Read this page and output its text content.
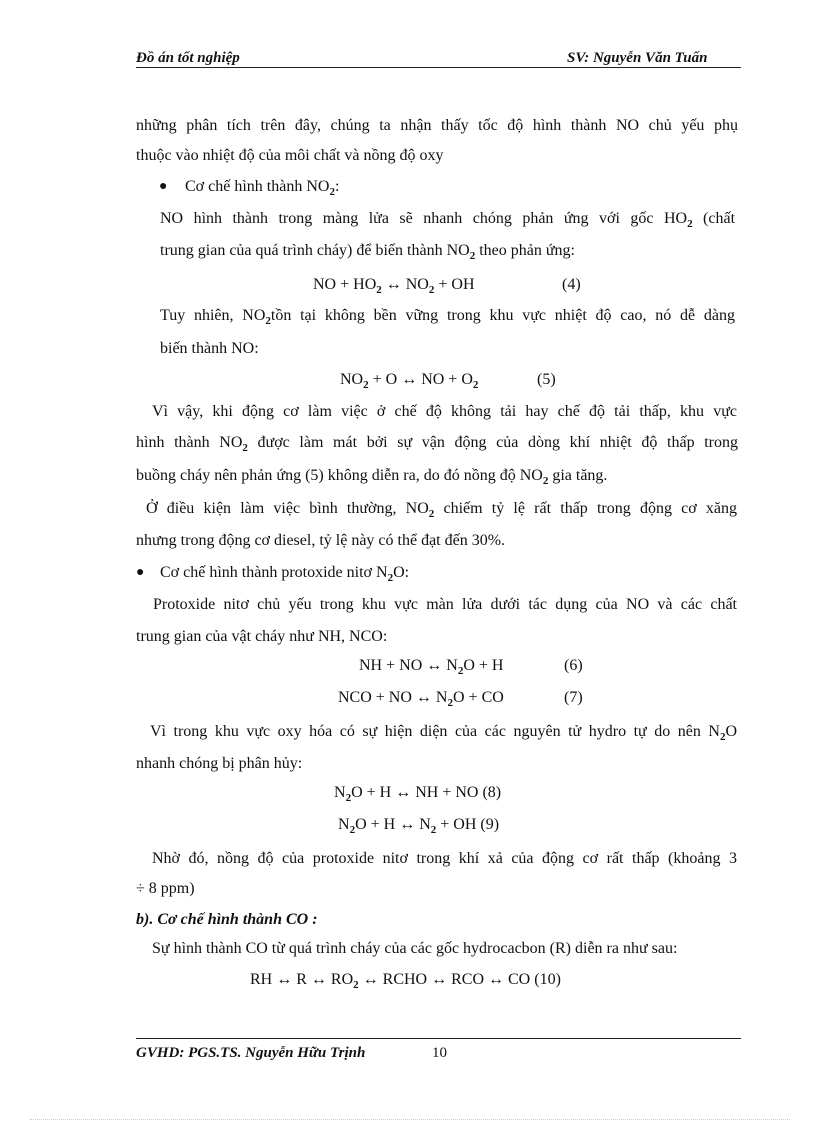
Đồ án tốt nghiệp	SV: Nguyễn Văn Tuấn
những phân tích trên đây, chúng ta nhận thấy tốc độ hình thành NO chủ yếu phụ
thuộc vào nhiệt độ của môi chất và nồng độ oxy
● Cơ chế hình thành $NO_2$:
NO hình thành trong màng lửa sẽ nhanh chóng phản ứng với gốc $HO_2$ (chất
trung gian của quá trình cháy) để biến thành $NO_2$ theo phản ứng:
NO + $HO_2$ ↔ $NO_2$ + OH	(4)
Tuy nhiên, $NO_2tồn$ tại không bền vững trong khu vực nhiệt độ cao, nó dễ dàng
biến thành NO:
$NO_2 + O$ ↔ NO + $O_2$	(5)
Vì vậy, khi động cơ làm việc ở chế độ không tải hay chế độ tải thấp, khu vực
hình thành $NO_2$ được làm mát bởi sự vận động của dòng khí nhiệt độ thấp trong
buồng cháy nên phản ứng (5) không diễn ra, do đó nồng độ $NO_2$ gia tăng.
Ở điều kiện làm việc bình thường, $NO_2$ chiếm tỷ lệ rất thấp trong động cơ xăng
nhưng trong động cơ diesel, tỷ lệ này có thể đạt đến 30%.
● Cơ chế hình thành protoxide nitơ $N_2O$:
Protoxide nitơ chủ yếu trong khu vực màn lửa dưới tác dụng của NO và các chất
trung gian của vật cháy như NH, NCO:
NH + NO ↔ $N_2O + H$	(6)
NCO + NO ↔ $N_2O$ + CO	(7)
Vì trong khu vực oxy hóa có sự hiện diện của các nguyên tử hydro tự do nên $N_2O$
nhanh chóng bị phân hủy:
$N_2O + H$ ↔ NH + NO (8)
$N_2O + H$ ↔ $N_2$ + OH (9)
Nhờ đó, nồng độ của protoxide nitơ trong khí xả của động cơ rất thấp (khoảng 3
÷ 8 ppm)
b). Cơ chế hình thành CO :
Sự hình thành CO từ quá trình cháy của các gốc hydrocacbon (R) diễn ra như sau:
RH ↔ R ↔ $RO_2$ ↔ RCHO ↔ RCO ↔ CO (10)
GVHD: PGS.TS. Nguyễn Hữu Trịnh	10
